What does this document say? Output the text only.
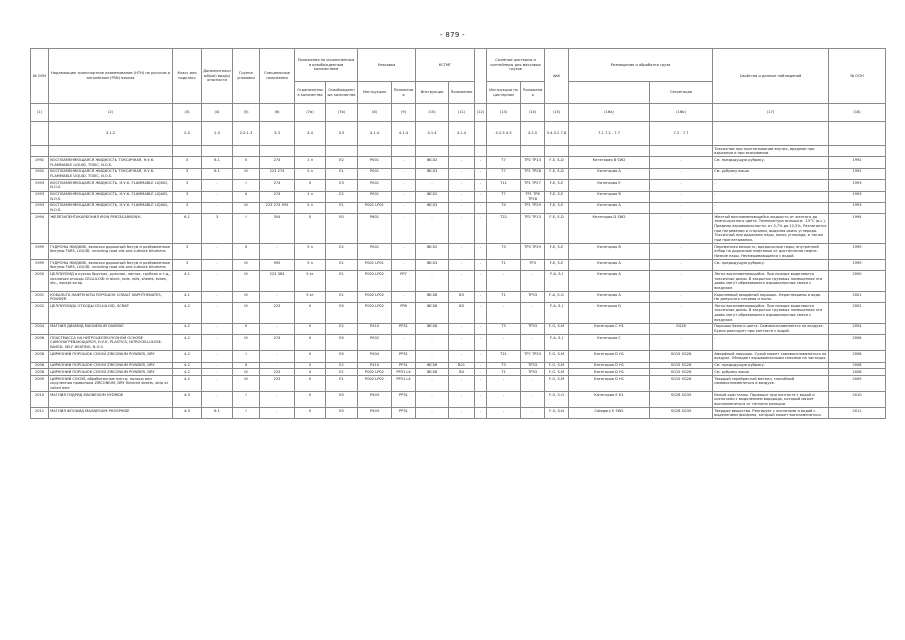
- 879 -
№ ООН	Надлежащее транспортное наименование (НТН) на русском и английском (PSN) языках	Класс или подкласс	Дополнительный(ые) вид(ы) опасности	Группа упаковки	Специальные положения	Положения по ограниченным и освобожденным количествам		Упаковка		КСГМГ			Съемные цистерны и контейнеры для массовых грузов		АвК	Размещение и обработка груза		Свойства и данные наблюдений	№ ООН
						Ограниченные количества	Освобожденные количества	Инструкции	Положения	Инструкции	Положения		Инструкции по цистернам	Положения			Сегрегация		
(1)	(2)	(3)	(4)	(5)	(6)	(7a)	(7b)	(8)	(9)	(10)	(11)	(12)	(13)	(14)	(15)	(16a)	(16b)	(17)	(18)
	3.1.2	2.0	2.0	2.0.1.3	3.3	3.4	3.5	4.1.4	4.1.4	4.1.4	4.1.4		4.2.5 4.3	4.2.5	5.4.3.2 7.8	7.1 7.2 - 7.7	7.2 - 7.7		
																		Токсичные при проглатывании внутрь, вредные при вдыхании и при всасывании.	
1992	ВОСПЛАМЕНЯЮЩАЯСЯ ЖИДКОСТЬ ТОКСИЧНАЯ, Н.У.К. FLAMMABLE LIQUID, TOXIC, N.O.S.	3	6.1	II	274	1 л	E2	P001	-	IBC02	-	-	T7	TP2 TP13	F-E, S-D	Категория B SW2	-	См. предыдущую рубрику.	1992
1992	ВОСПЛАМЕНЯЮЩАЯСЯ ЖИДКОСТЬ ТОКСИЧНАЯ, Н.У.К. FLAMMABLE LIQUID, TOXIC, N.O.S.	3	6.1	III	223 274	5 л	E1	P001	-	IBC03	-	-	T7	TP1 TP28	F-E, S-D	Категория А	-	См. рубрику выше.	1992
1993	ВОСПЛАМЕНЯЮЩАЯСЯ ЖИДКОСТЬ, Н.У.К. FLAMMABLE LIQUID, N.O.S.	3	-	I	274	0	E3	P001	-	-	-	-	T11	TP1 TP27	F-E, S-E	Категория E	-	-	1993
1993	ВОСПЛАМЕНЯЮЩАЯСЯ ЖИДКОСТЬ, Н.У.К. FLAMMABLE LIQUID, N.O.S.	3	-	II	274	1 л	E2	P001	-	IBC02	-	-	T7	TP1 TP8 TP28	F-E, S-E	Категория B	-	-	1993
1993	ВОСПЛАМЕНЯЮЩАЯСЯ ЖИДКОСТЬ, Н.У.К. FLAMMABLE LIQUID, N.O.S.	3	-	III	223 274 955	5 л	E1	P001 LP01	-	IBC03	-	-	T4	TP1 TP29	F-E, S-E	Категория А	-	-	1993
1994	ЖЕЛЕЗАПЕНТАКАРБОНИЛ IRON PENTACARBONYL	6.1	3	I	354	0	E0	P601	-	-	-	-	T22	TP2 TP13	F-E, S-D	Категория D SW2	-	Желтый воспламеняющийся жидкость от желтого до темно-красного цвета. Температура вспышки: -15°C (в.с.). Пределы взрывоопасности: от 3,7% до 12,5%. Разлагается при нагревании и сгорании, выделяя окись углерода. Токсичный при вдыхании пары, окись углерода, а также при проглатывании.	1994
1999	ГУДРОНЫ ЖИДКИЕ, включая дорожный битум и разбавленные битумы TARS, LIQUID, including road oils and cutback bitumens	3	-	II	-	5 л	E2	P001	-	IBC02	-	-	T3	TP3 TP29	F-E, S-E	Категория B	-	Переменная вязкость; вредоносные пары; внутренний отбор по дорожные нефтяные от дистиллятов нефти. Низкие пары. Несмешивающиеся с водой.	1999
1999	ГУДРОНЫ ЖИДКИЕ, включая дорожный битум и разбавленные битумы TARS, LIQUID, including road oils and cutback bitumens	3	-	III	955	5 л	E1	P001 LP01	-	IBC03	-	-	T1	TP3	F-E, S-E	Категория А	-	См. предыдущую рубрику.	1999
2000	ЦЕЛЛУЛОИД в кусках брусках, рулонах, листах, трубках и т.д., исключая отходы CELLULOID in block, rods, rolls, sheets, tubes, etc., except scrap	4.1	-	III	223 383	5 кг	E1	P002 LP02	PP7	-	-	-	-	-	F-A, S-I	Категория А	-	Легко воспламеняющийся. При пожаре выделяются токсичные дымы. В закрытых грузовых помещениях эти дымы могут образовывать взрывоопасные смеси с воздухом.	2000
2001	КОБАЛЬТА НАФТЕНАТЫ ПОРОШОК COBALT NAPHTHENATES, POWDER	4.1	-	III	-	5 кг	E1	P002 LP02	-	IBC08	B3	-	T1	TP33	F-A, S-G	Категория А	-	Коричневый аморфный порошок. Нерастворимы в воде. Не допускать нагрева и пыли.	2001
2002	ЦЕЛЛУЛОИДА ОТХОДЫ CELLULOID, SCRAP	4.2	-	III	223	0	E0	P002 LP02	PP8	IBC08	B3	-	-	-	F-A, S-J	Категория D	-	Легко воспламеняющийся. При пожаре выделяются токсичные дымы. В закрытых грузовых помещениях эти дымы могут образовывать взрывоопасные смеси с воздухом.	2002
2004	МАГНИЯ ДИАМИД MAGNESIUM DIAMIDE	4.2	-	II	-	0	E2	P410	PP31	IBC06	-	-	T3	TP33	F-G, S-M	Категория C H1	SG26	Порошок белого цвета. Самовоспламеняется на воздухе. Бурно реагирует при контакте с водой.	2004
2006	ПЛАСТМАССА НА НИТРОЦЕЛЛЮЛОЗНОЙ ОСНОВЕ САМОНАГРЕВАЮЩАЯСЯ, Н.У.К. PLASTICS, NITROCELLULOSE-BASED, SELF-HEATING, N.O.S.	4.2	-	III	274	0	E0	P002	-	-	-	-	-	-	F-A, S-J	Категория C	-	-	2006
2008	ЦИРКОНИЙ ПОРОШОК СУХОЙ ZIRCONIUM POWDER, DRY	4.2	-	I	-	0	E0	P404	PP31	-	-	-	T21	TP7 TP33	F-G, S-M	Категория D H1	SG15 SG26	Аморфный порошок. Сухой может самовоспламеняться на воздухе. Обладает взрывоопасными смесями на частицах.	2008
2008	ЦИРКОНИЙ ПОРОШОК СУХОЙ ZIRCONIUM POWDER, DRY	4.2	-	II	-	0	E2	P410	PP31	IBC06	B21	-	T3	TP33	F-G, S-M	Категория D H1	SG15 SG26	См. предыдущую рубрику.	2008
2008	ЦИРКОНИЙ ПОРОШОК СУХОЙ ZIRCONIUM POWDER, DRY	4.2	-	III	223	0	E1	P002 LP02	PP31 L4	IBC08	B4	-	T1	TP33	F-G, S-M	Категория D H1	SG15 SG26	См. рубрику выше.	2008
2009	ЦИРКОНИЙ СУХОЙ, обработанные листы, полосы или скрученная проволока ZIRCONIUM, DRY finished sheets, strip or coiled wire	4.2	-	III	223	0	E1	P002 LP02	PP31 L4	-	-	-	-	-	F-G, S-M	Категория D H1	SG15 SG26	Твердый серебристый металл, способный самовоспламеняться в воздухе.	2009
2010	МАГНИЯ ГИДРИД MAGNESIUM HYDRIDE	4.3	-	I	-	0	E0	P403	PP31	-	-	-	-	-	F-G, S-O	Категория E H1	SG26 SG35	Белый кристаллы. Привоцит при контакте с водой и кислотами с выделением водорода, который может воспламениться от теплоты реакции.	2010
2011	МАГНИЯ ФОСФИД MAGNESIUM PHOSPHIDE	4.3	6.1	I	-	0	E0	P403	PP31	-	-	-	-	-	F-G, S-N	Category E SW2	SG26 SG35	Твердые вещества. Реагирует с кислотами и водой с выделением фосфина, который может воспламениться.	2011
